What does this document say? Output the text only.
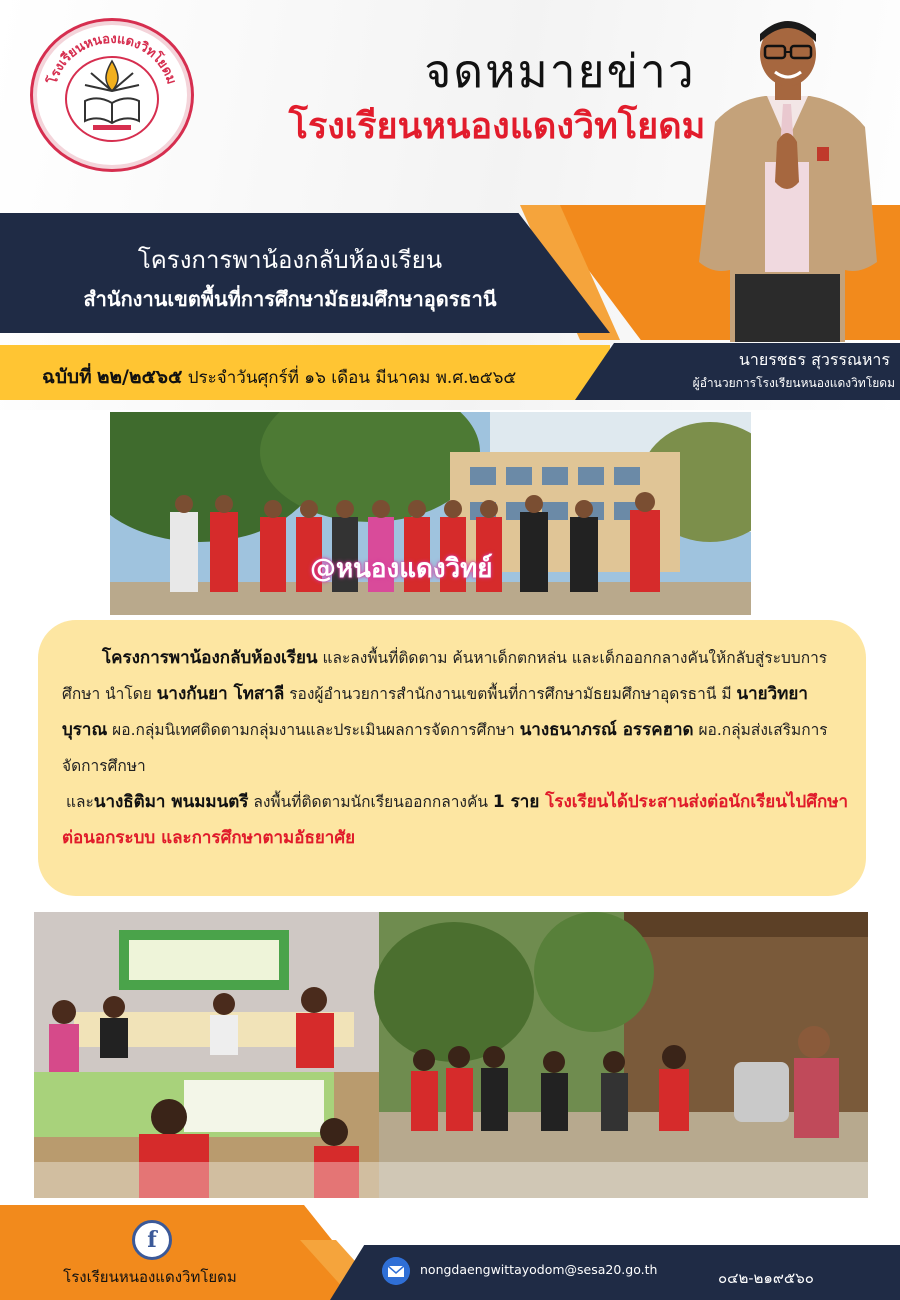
โรงเรียนหนองแดงวิทโยดม	จดหมายข่าว
โรงเรียนหนองแดงวิทโยดม
โครงการพาน้องกลับห้องเรียน
สำนักงานเขตพื้นที่การศึกษามัธยมศึกษาอุดรธานี
ฉบับที่ ๒๒/๒๕๖๕ ประจำวันศุกร์ที่ ๑๖ เดือน มีนาคม พ.ศ.๒๕๖๕
นายรชธร สุวรรณหาร
ผู้อำนวยการโรงเรียนหนองแดงวิทโยดม
@หนองแดงวิทย์
โครงการพาน้องกลับห้องเรียน และลงพื้นที่ติดตาม ค้นหาเด็กตกหล่น และเด็กออกกลางคันให้กลับสู่ระบบการศึกษา นำโดย นางกันยา โทสาลี รองผู้อำนวยการสำนักงานเขตพื้นที่การศึกษามัธยมศึกษาอุดรธานี มี นายวิทยา บุราณ ผอ.กลุ่มนิเทศติดตามกลุ่มงานและประเมินผลการจัดการศึกษา นางธนาภรณ์ อรรคฮาด ผอ.กลุ่มส่งเสริมการจัดการศึกษา
และนางธิติมา พนมมนตรี ลงพื้นที่ติดตามนักเรียนออกกลางคัน 1 ราย โรงเรียนได้ประสานส่งต่อนักเรียนไปศึกษาต่อนอกระบบ และการศึกษาตามอัธยาศัย
f
โรงเรียนหนองแดงวิทโยดม	nongdaengwittayodom@sesa20.go.th	๐๔๒-๒๑๙๕๖๐
